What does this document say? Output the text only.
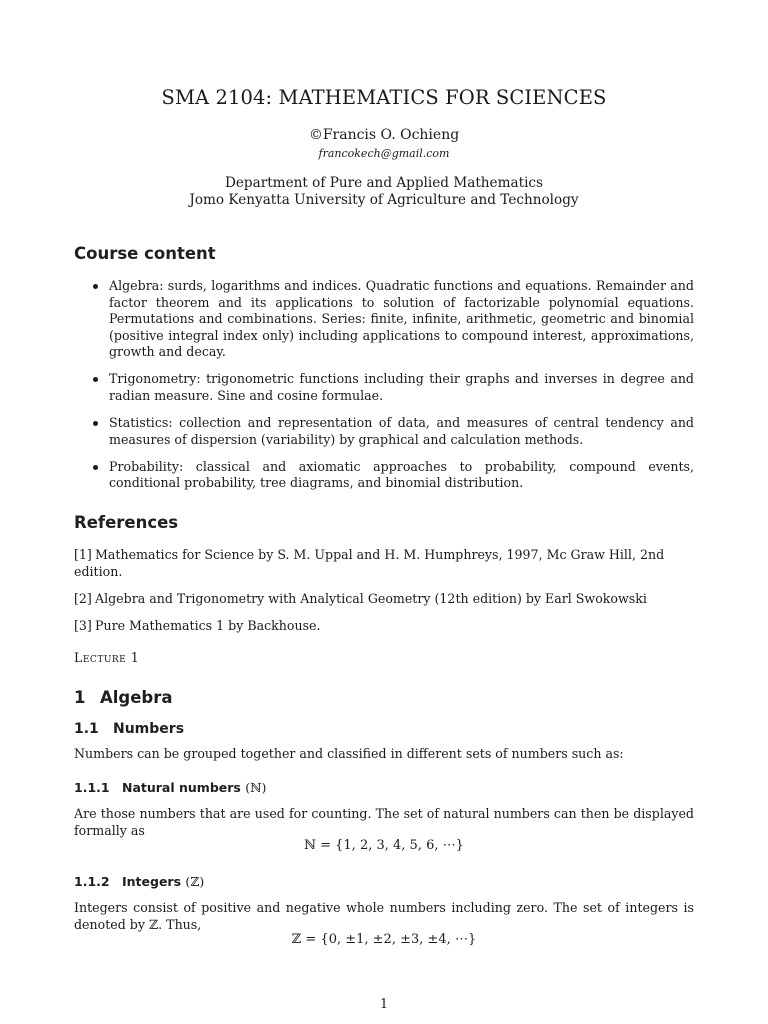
SMA 2104: MATHEMATICS FOR SCIENCES
©Francis O. Ochieng
francokech@gmail.com
Department of Pure and Applied Mathematics
Jomo Kenyatta University of Agriculture and Technology
Course content
Algebra: surds, logarithms and indices. Quadratic functions and equations. Remainder and factor theorem and its applications to solution of factorizable polynomial equations. Permutations and combinations. Series: finite, infinite, arithmetic, geometric and binomial (positive integral index only) including applications to compound interest, approximations, growth and decay.
Trigonometry: trigonometric functions including their graphs and inverses in degree and radian measure. Sine and cosine formulae.
Statistics: collection and representation of data, and measures of central tendency and measures of dispersion (variability) by graphical and calculation methods.
Probability: classical and axiomatic approaches to probability, compound events, conditional probability, tree diagrams, and binomial distribution.
References
[1] Mathematics for Science by S. M. Uppal and H. M. Humphreys, 1997, Mc Graw Hill, 2nd edition.
[2] Algebra and Trigonometry with Analytical Geometry (12th edition) by Earl Swokowski
[3] Pure Mathematics 1 by Backhouse.
Lecture 1
1 Algebra
1.1 Numbers
Numbers can be grouped together and classified in different sets of numbers such as:
1.1.1 Natural numbers (ℕ)
Are those numbers that are used for counting. The set of natural numbers can then be displayed formally as
ℕ = {1, 2, 3, 4, 5, 6, ⋯}
1.1.2 Integers (ℤ)
Integers consist of positive and negative whole numbers including zero. The set of integers is denoted by ℤ. Thus,
ℤ = {0, ±1, ±2, ±3, ±4, ⋯}
1
